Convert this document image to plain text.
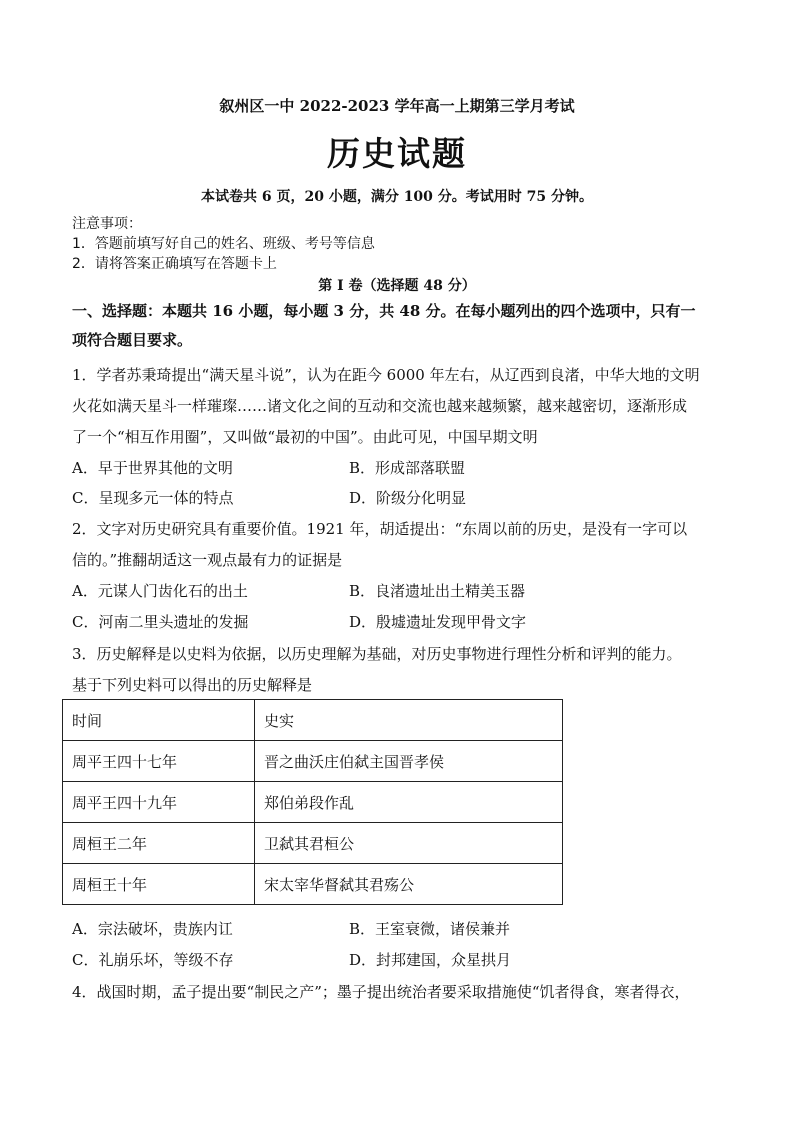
叙州区一中 2022-2023 学年高一上期第三学月考试
历史试题
本试卷共 6 页，20 小题，满分 100 分。考试用时 75 分钟。
注意事项：
1．答题前填写好自己的姓名、班级、考号等信息
2．请将答案正确填写在答题卡上
第 I 卷（选择题 48 分）
一、选择题：本题共 16 小题，每小题 3 分，共 48 分。在每小题列出的四个选项中，只有一
项符合题目要求。
1．学者苏秉琦提出“满天星斗说”，认为在距今 6000 年左右，从辽西到良渚，中华大地的文明
火花如满天星斗一样璀璨……诸文化之间的互动和交流也越来越频繁，越来越密切，逐渐形成
了一个“相互作用圈”，又叫做“最初的中国”。由此可见，中国早期文明
A．早于世界其他的文明	B．形成部落联盟
C．呈现多元一体的特点	D．阶级分化明显
2．文字对历史研究具有重要价值。1921 年，胡适提出：“东周以前的历史，是没有一字可以
信的。”推翻胡适这一观点最有力的证据是
A．元谋人门齿化石的出土	B．良渚遗址出土精美玉器
C．河南二里头遗址的发掘	D．殷墟遗址发现甲骨文字
3．历史解释是以史料为依据，以历史理解为基础，对历史事物进行理性分析和评判的能力。
基于下列史料可以得出的历史解释是
时间	史实
周平王四十七年	晋之曲沃庄伯弑主国晋孝侯
周平王四十九年	郑伯弟段作乱
周桓王二年	卫弑其君桓公
周桓王十年	宋太宰华督弑其君殇公
A．宗法破坏，贵族内讧	B．王室衰微，诸侯兼并
C．礼崩乐坏，等级不存	D．封邦建国，众星拱月
4．战国时期，孟子提出要“制民之产”；墨子提出统治者要采取措施使“饥者得食，寒者得衣，
